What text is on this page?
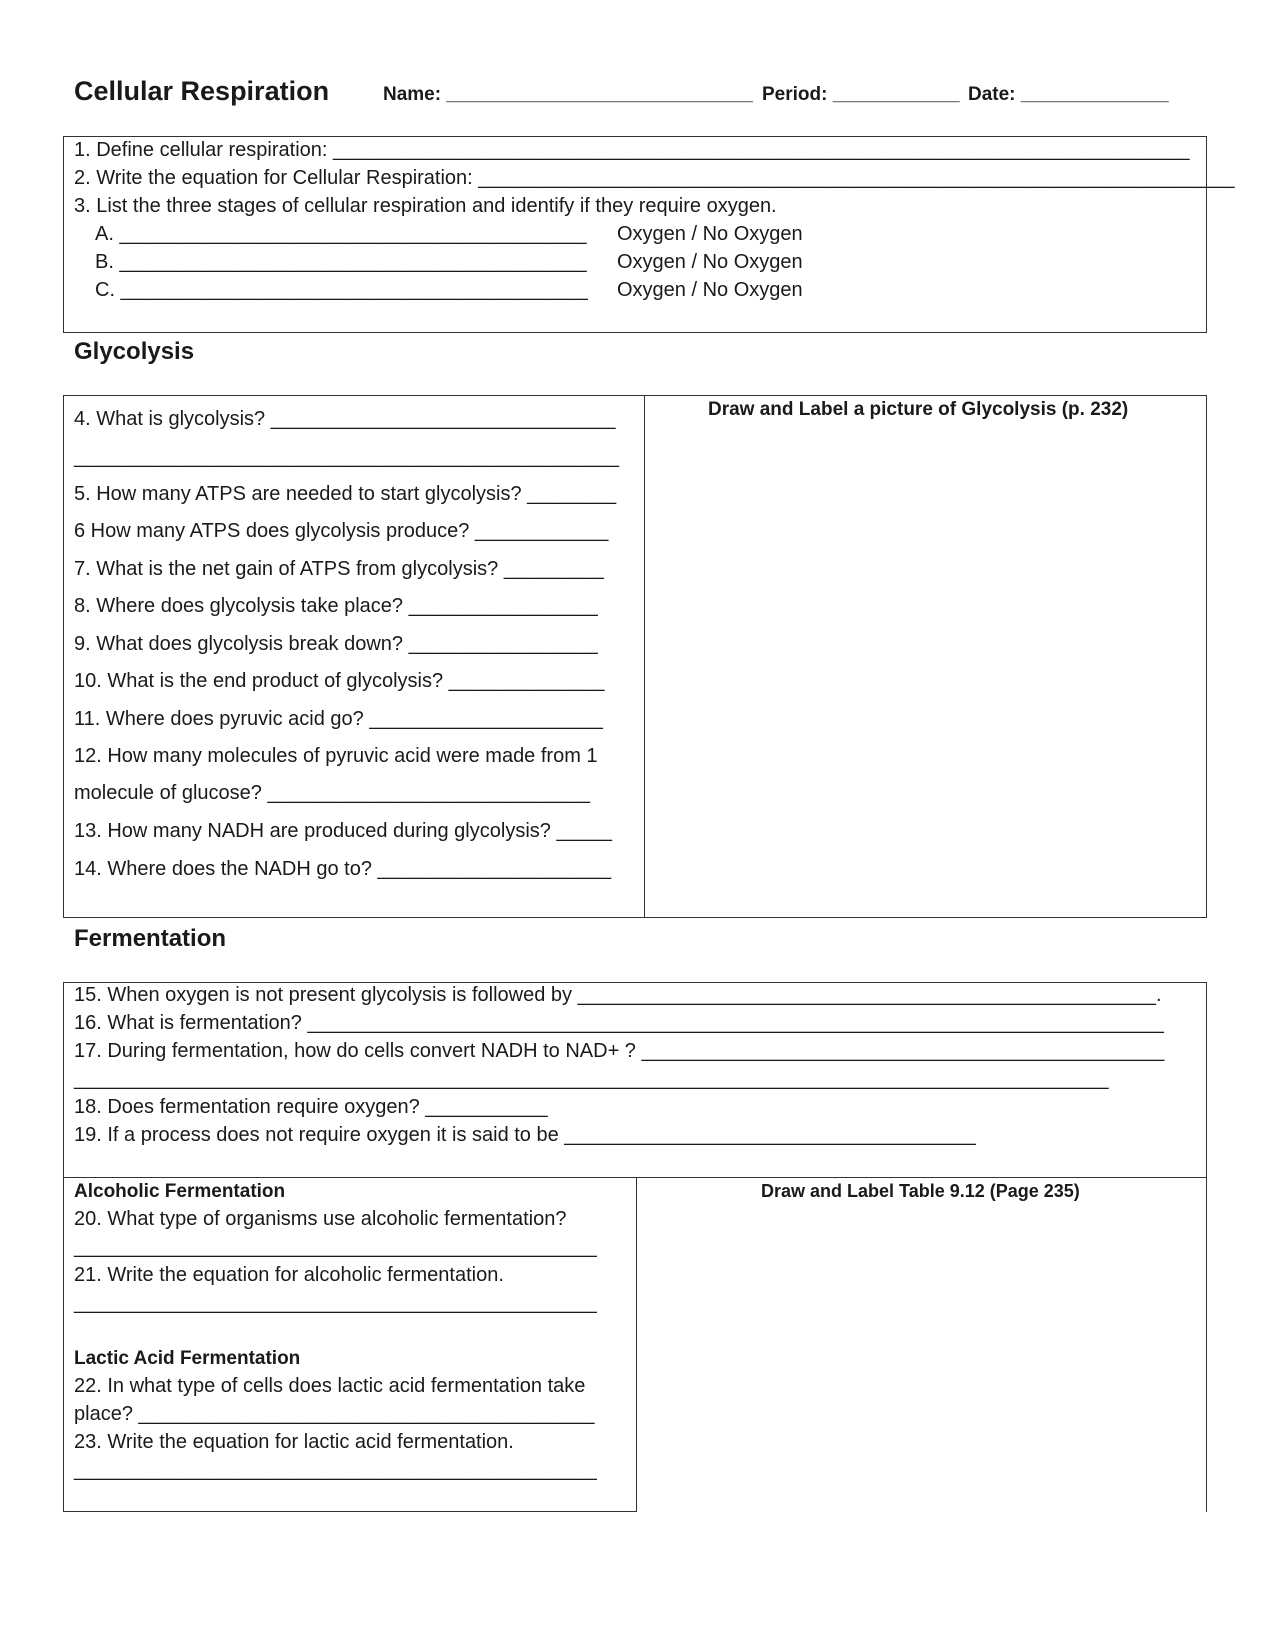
Cellular Respiration	Name: _____________________________ Period: ____________ Date: ______________
1. Define cellular respiration: _____________________________________________________________________________
2. Write the equation for Cellular Respiration: ____________________________________________________________________
3. List the three stages of cellular respiration and identify if they require oxygen.
A. __________________________________________ Oxygen / No Oxygen
B. __________________________________________ Oxygen / No Oxygen
C. __________________________________________ Oxygen / No Oxygen
Glycolysis
Draw and Label a picture of Glycolysis (p. 232)
4. What is glycolysis? _______________________________
_________________________________________________
5. How many ATPS are needed to start glycolysis? ________
6 How many ATPS does glycolysis produce? ____________
7. What is the net gain of ATPS from glycolysis? _________
8. Where does glycolysis take place? _________________
9. What does glycolysis break down? _________________
10. What is the end product of glycolysis? ______________
11. Where does pyruvic acid go? _____________________
12. How many molecules of pyruvic acid were made from 1
molecule of glucose? _____________________________
13. How many NADH are produced during glycolysis? _____
14. Where does the NADH go to? _____________________
Fermentation
15. When oxygen is not present glycolysis is followed by ____________________________________________________.
16. What is fermentation? _____________________________________________________________________________
17. During fermentation, how do cells convert NADH to NAD+ ? _______________________________________________
_____________________________________________________________________________________________
18. Does fermentation require oxygen? ___________
19. If a process does not require oxygen it is said to be _____________________________________
Alcoholic Fermentation
20. What type of organisms use alcoholic fermentation?
_______________________________________________
21. Write the equation for alcoholic fermentation.
_______________________________________________
Lactic Acid Fermentation
22. In what type of cells does lactic acid fermentation take
place? _________________________________________
23. Write the equation for lactic acid fermentation.
_______________________________________________
Draw and Label Table 9.12 (Page 235)
